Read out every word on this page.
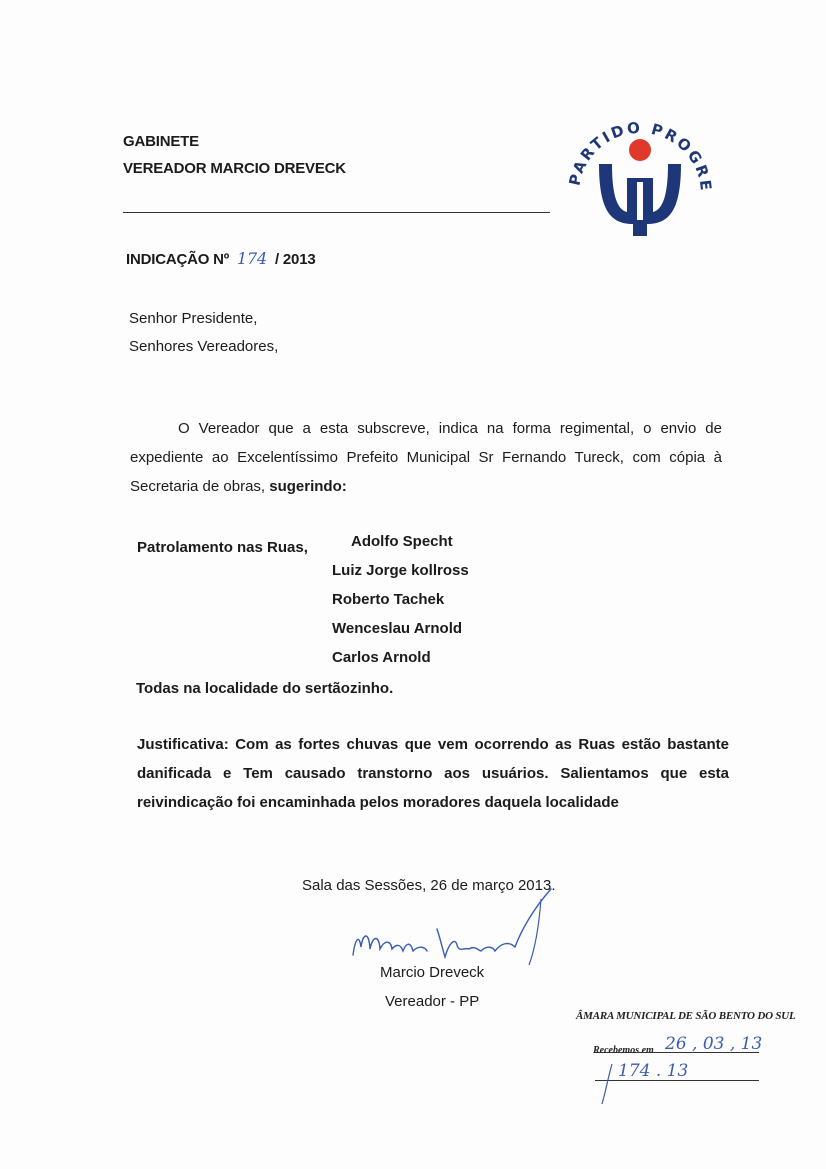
GABINETE
VEREADOR MARCIO DREVECK
PARTIDO PROGRE
INDICAÇÃO Nº 174 / 2013
Senhor Presidente,
Senhores Vereadores,
O Vereador que a esta subscreve, indica na forma regimental, o envio de expediente ao Excelentíssimo Prefeito Municipal Sr Fernando Tureck, com cópia à Secretaria de obras, sugerindo:
Patrolamento nas Ruas,	Adolfo Specht
Luiz Jorge kollross
Roberto Tachek
Wenceslau Arnold
Carlos Arnold
Todas na localidade do sertãozinho.
Justificativa: Com as fortes chuvas que vem ocorrendo as Ruas estão bastante danificada e Tem causado transtorno aos usuários. Salientamos que esta reivindicação foi encaminhada pelos moradores daquela localidade
Sala das Sessões, 26 de março 2013.
Marcio Dreveck
Vereador - PP
ÂMARA MUNICIPAL DE SÃO BENTO DO SUL
Recebemos em 26 , 03 , 13
174 . 13
